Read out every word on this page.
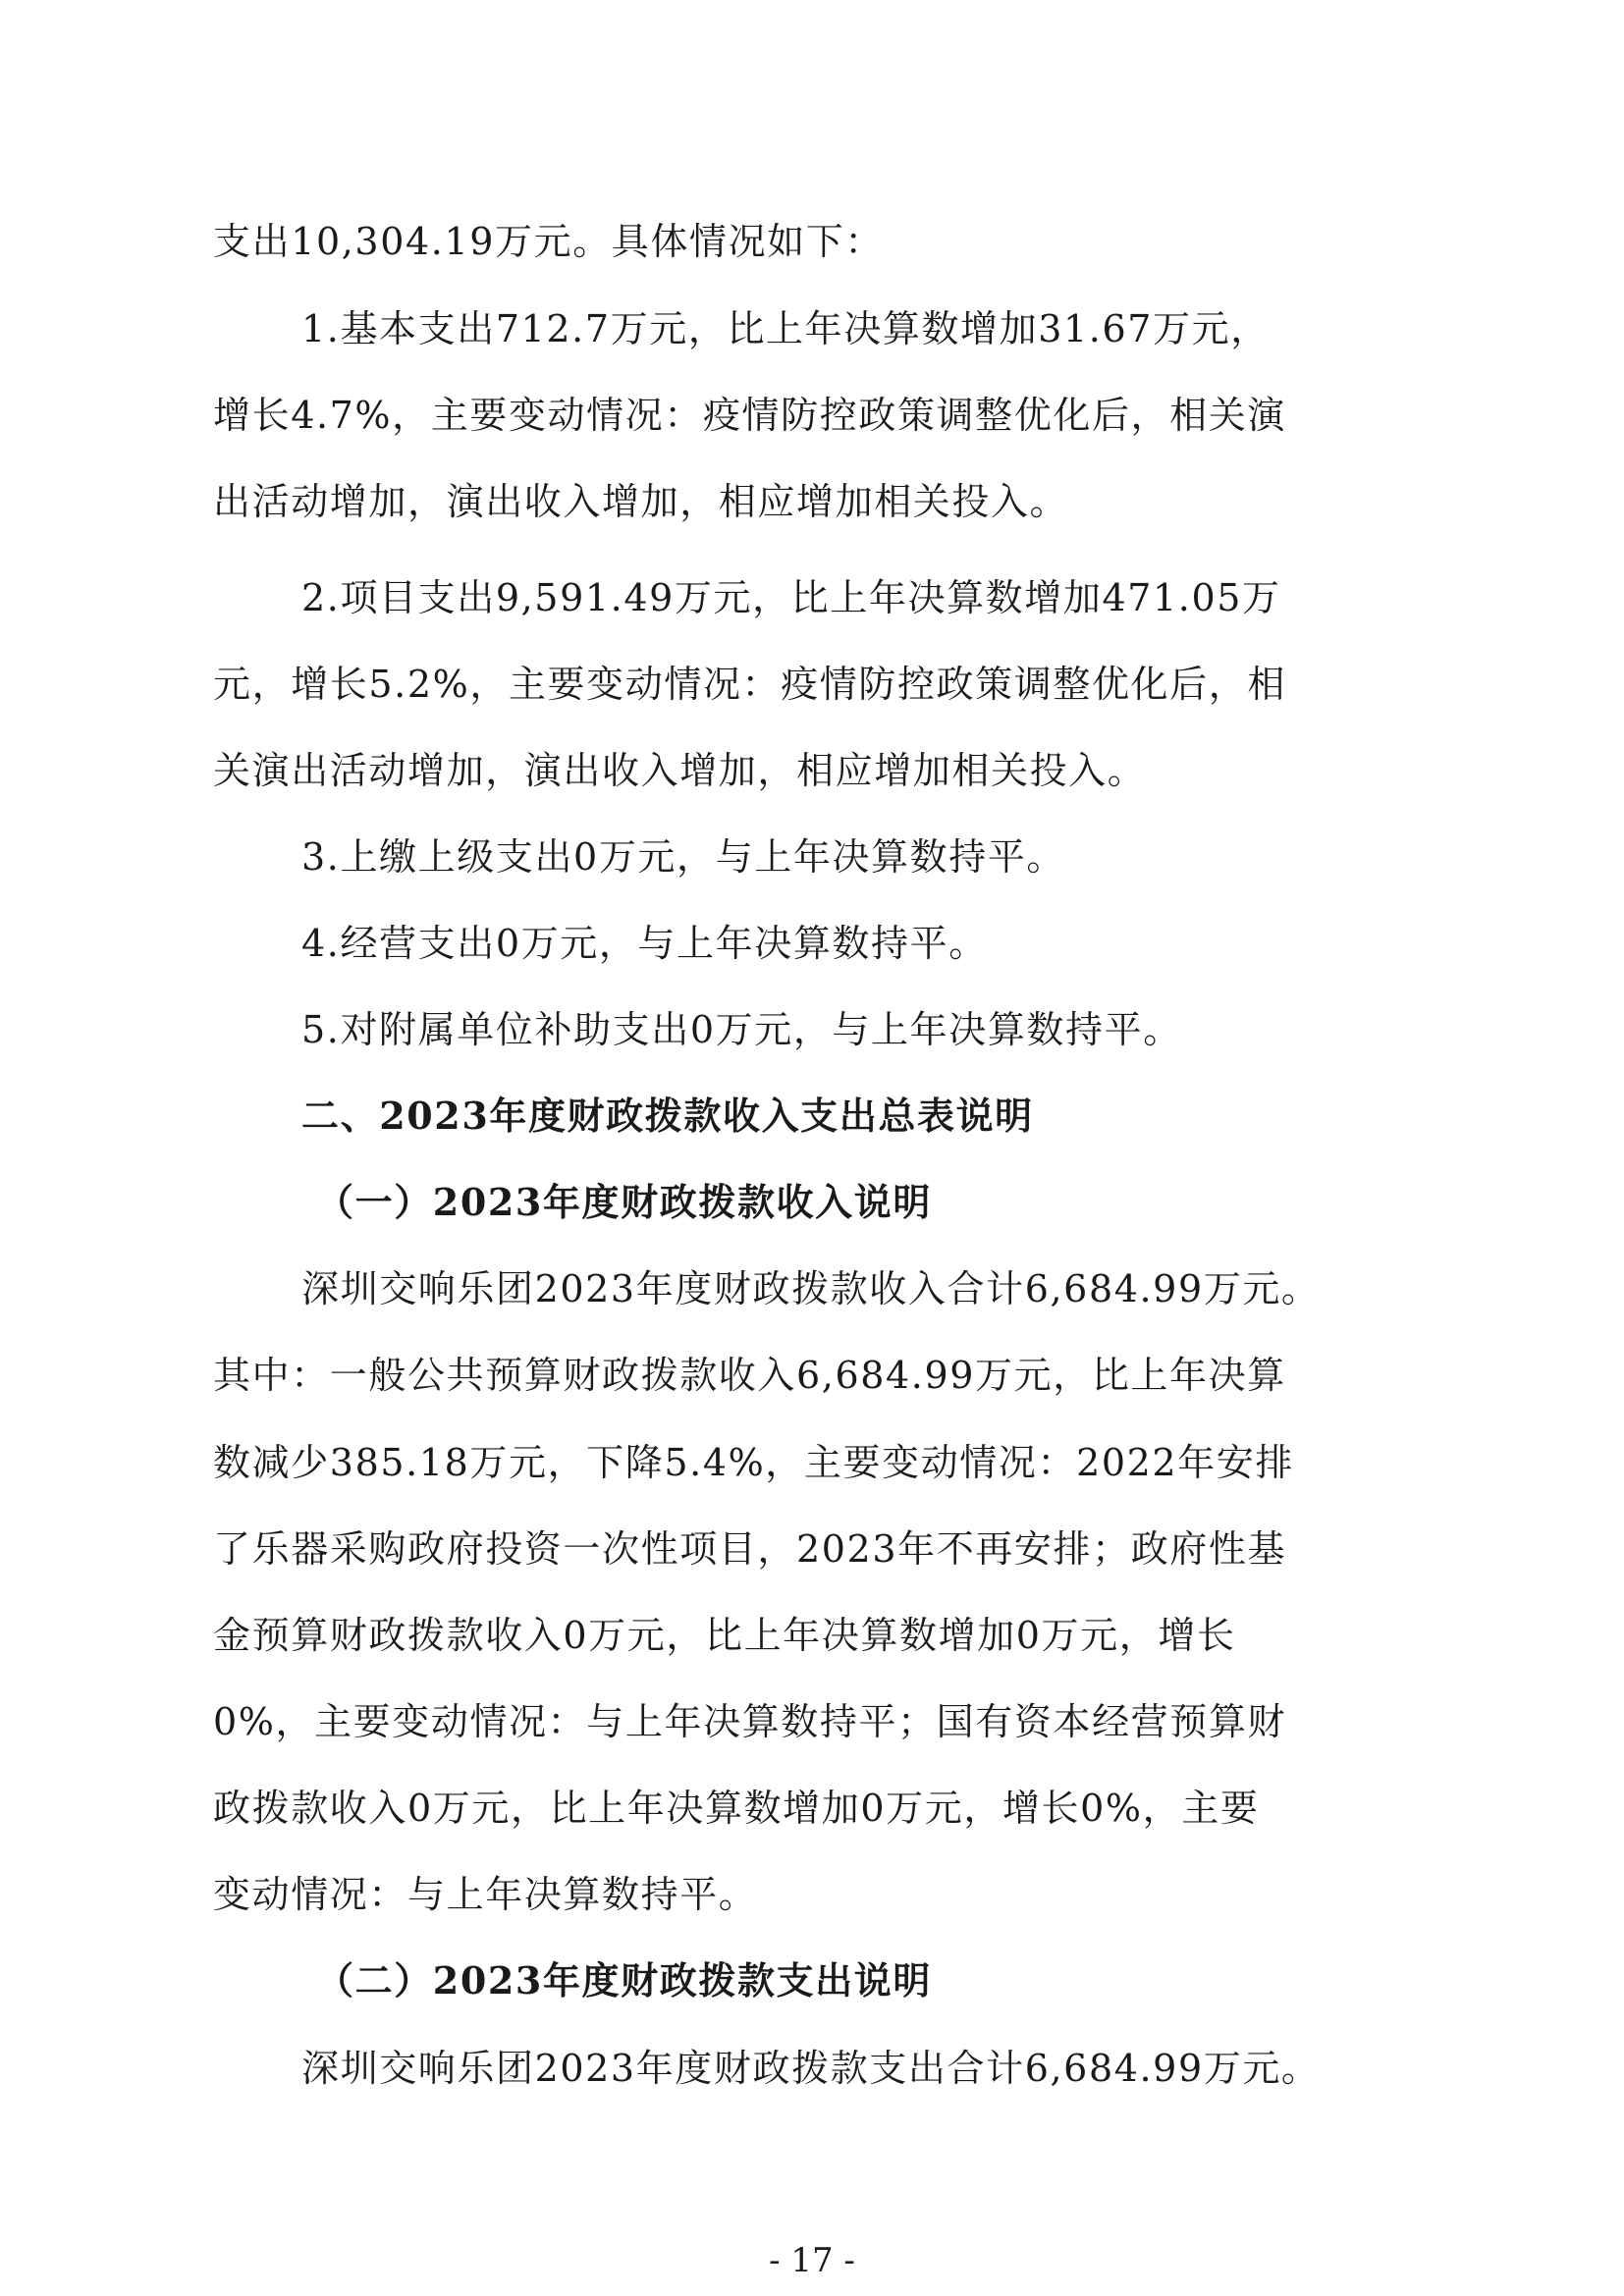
支出10,304.19万元。具体情况如下：
1.基本支出712.7万元，比上年决算数增加31.67万元，
增长4.7%，主要变动情况：疫情防控政策调整优化后，相关演
出活动增加，演出收入增加，相应增加相关投入。
2.项目支出9,591.49万元，比上年决算数增加471.05万
元，增长5.2%，主要变动情况：疫情防控政策调整优化后，相
关演出活动增加，演出收入增加，相应增加相关投入。
3.上缴上级支出0万元，与上年决算数持平。
4.经营支出0万元，与上年决算数持平。
5.对附属单位补助支出0万元，与上年决算数持平。
二、2023年度财政拨款收入支出总表说明
（一）2023年度财政拨款收入说明
深圳交响乐团2023年度财政拨款收入合计6,684.99万元。
其中：一般公共预算财政拨款收入6,684.99万元，比上年决算
数减少385.18万元，下降5.4%，主要变动情况：2022年安排
了乐器采购政府投资一次性项目，2023年不再安排；政府性基
金预算财政拨款收入0万元，比上年决算数增加0万元，增长
0%，主要变动情况：与上年决算数持平；国有资本经营预算财
政拨款收入0万元，比上年决算数增加0万元，增长0%，主要
变动情况：与上年决算数持平。
（二）2023年度财政拨款支出说明
深圳交响乐团2023年度财政拨款支出合计6,684.99万元。
- 17 -
